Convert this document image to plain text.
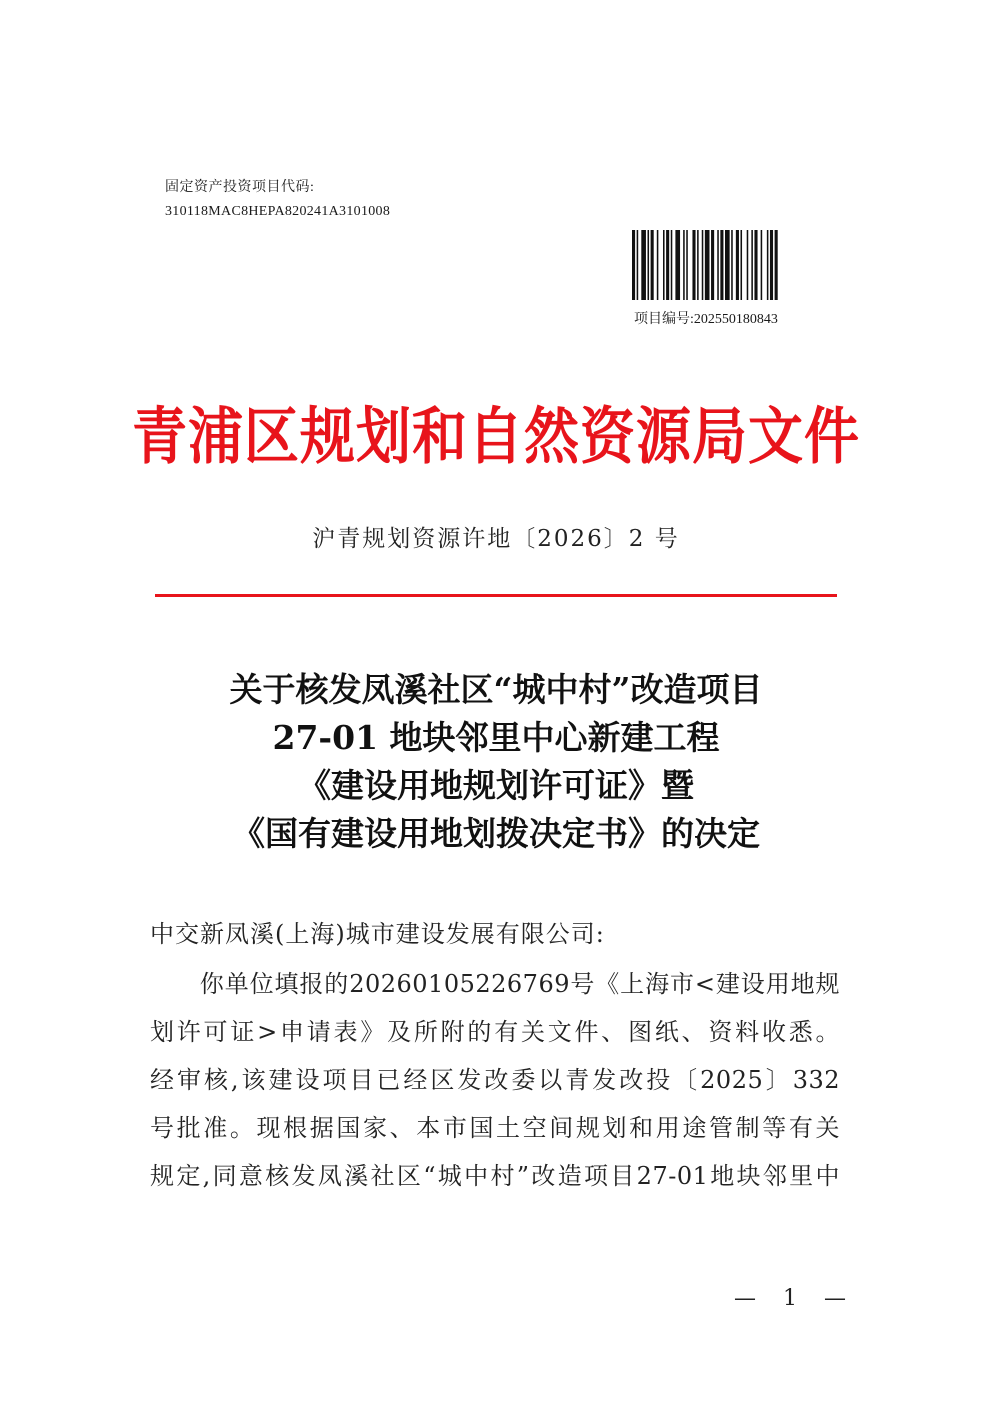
固定资产投资项目代码:
310118MAC8HEPA820241A3101008
项目编号:202550180843
青浦区规划和自然资源局文件
沪青规划资源许地〔2026〕2 号
关于核发凤溪社区“城中村”改造项目
27-01 地块邻里中心新建工程
《建设用地规划许可证》暨
《国有建设用地划拨决定书》的决定
中交新凤溪(上海)城市建设发展有限公司:
　　你单位填报的20260105226769号《上海市<建设用地规
划许可证>申请表》及所附的有关文件、图纸、资料收悉。
经审核,该建设项目已经区发改委以青发改投〔2025〕332
号批准。现根据国家、本市国土空间规划和用途管制等有关
规定,同意核发凤溪社区“城中村”改造项目27-01地块邻里中
— 1 —
